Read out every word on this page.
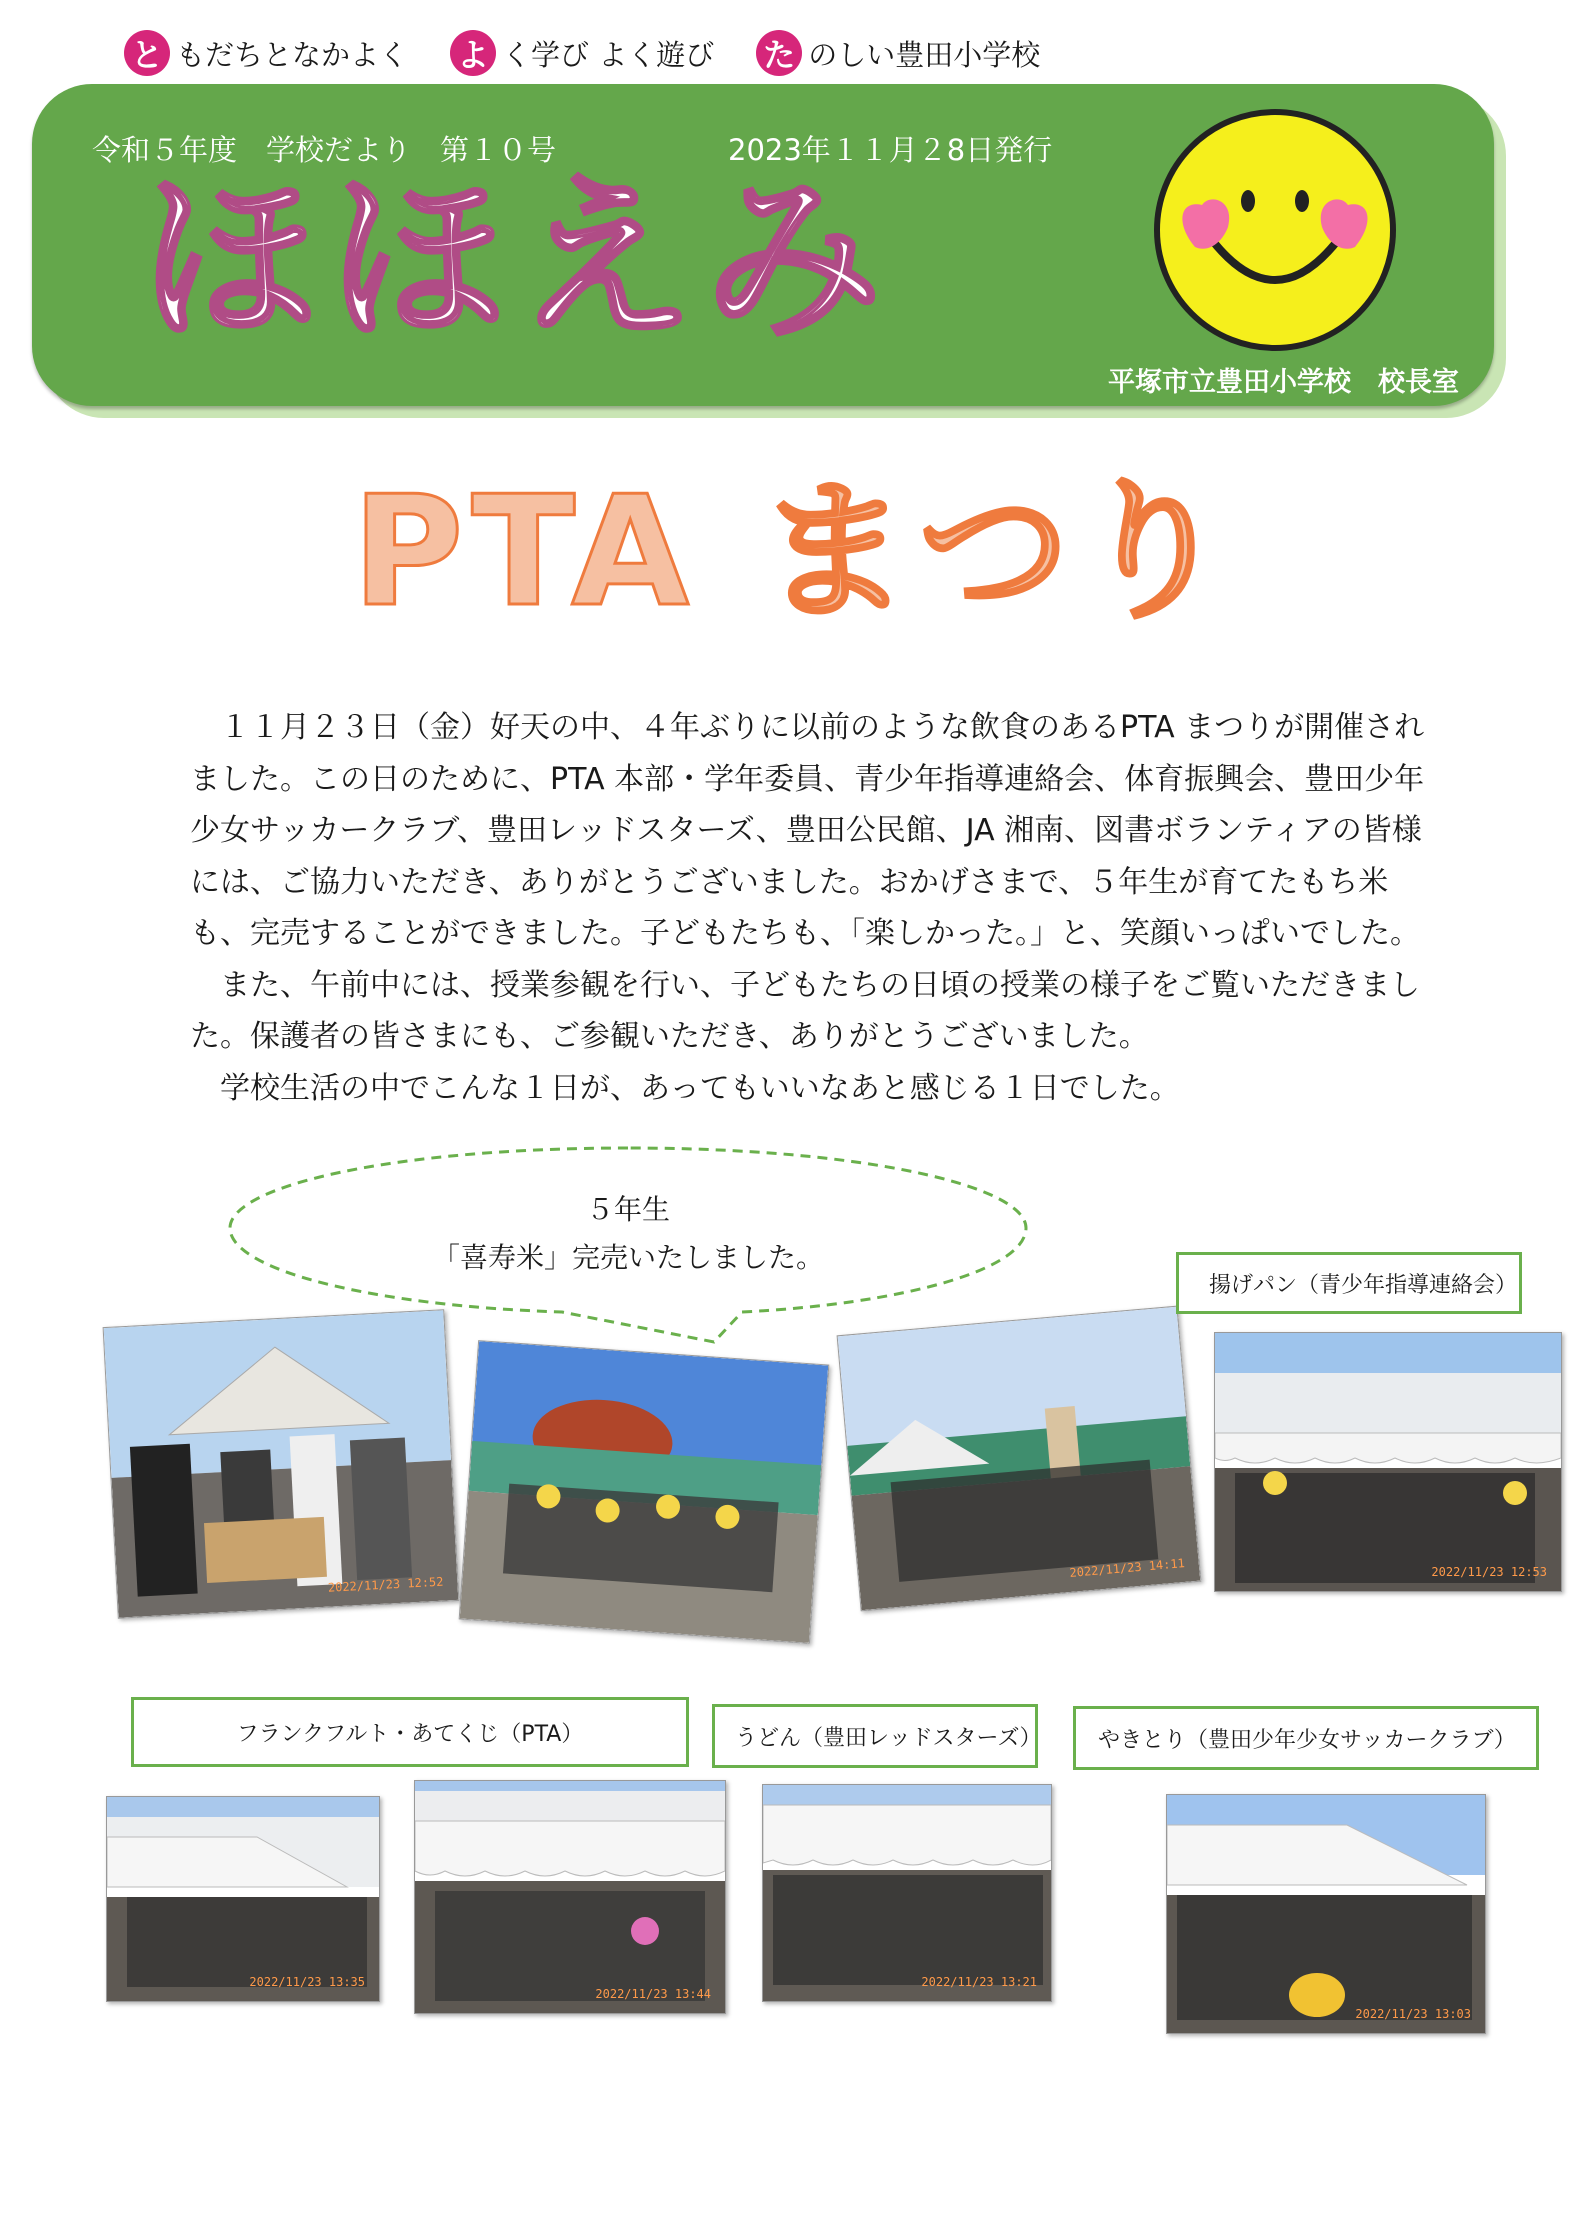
と もだちとなかよく よ く学び よく遊び た のしい豊田小学校
令和５年度　学校だより　第１０号	2023年１１月２8日発行
ほほえみ
平塚市立豊田小学校　校長室
PTA まつり

１１月２３日（金）好天の中、４年ぶりに以前のような飲食のあるPTA まつりが開催されました。この日のために、PTA 本部・学年委員、青少年指導連絡会、体育振興会、豊田少年少女サッカークラブ、豊田レッドスターズ、豊田公民館、JA 湘南、図書ボランティアの皆様には、ご協力いただき、ありがとうございました。おかげさまで、５年生が育てたもち米も、完売することができました。子どもたちも、「楽しかった。」と、笑顔いっぱいでした。

また、午前中には、授業参観を行い、子どもたちの日頃の授業の様子をご覧いただきました。保護者の皆さまにも、ご参観いただき、ありがとうございました。

学校生活の中でこんな１日が、あってもいいなあと感じる１日でした。

５年生
「喜寿米」完売いたしました。
2022/11/23 12:52
2022/11/23 14:11
揚げパン（青少年指導連絡会）
2022/11/23 12:53
フランクフルト・あてくじ（PTA）	うどん（豊田レッドスターズ）	やきとり（豊田少年少女サッカークラブ）
2022/11/23 13:35
2022/11/23 13:44
2022/11/23 13:21
2022/11/23 13:03
